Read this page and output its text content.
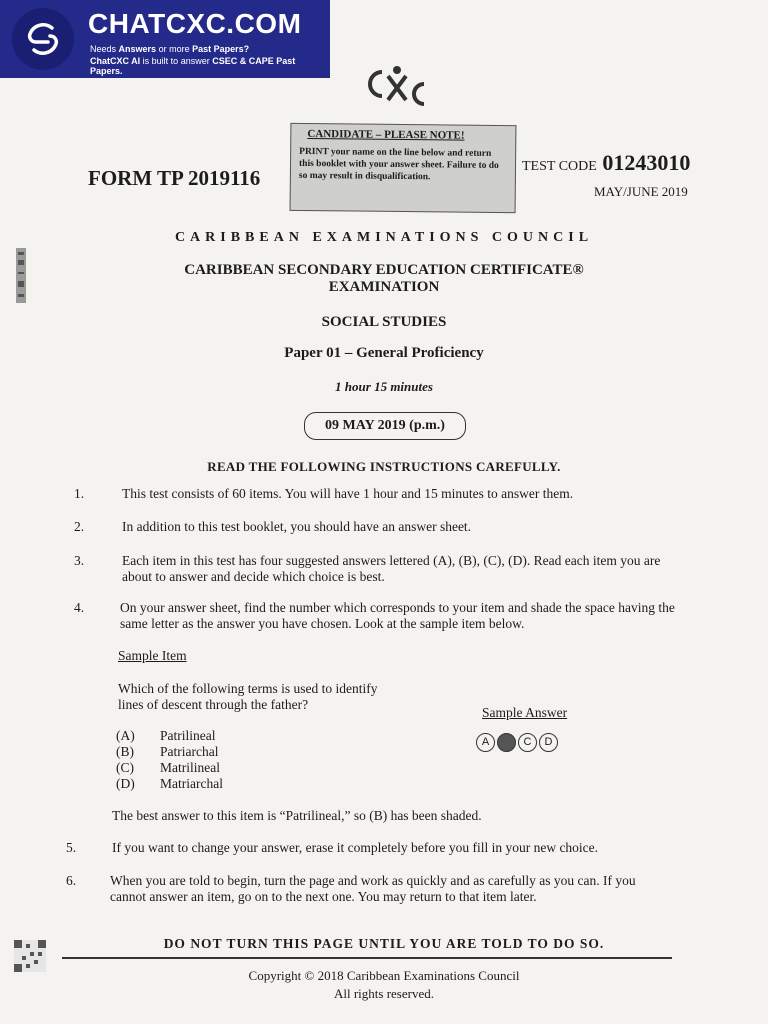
CHATCXC.COM
Needs Answers or more Past Papers?
ChatCXC AI is built to answer CSEC & CAPE Past Papers.
CANDIDATE – PLEASE NOTE!
PRINT your name on the line below and return this booklet with your answer sheet. Failure to do so may result in disqualification.
FORM TP 2019116	TEST CODE 01243010
MAY/JUNE 2019
CARIBBEAN EXAMINATIONS COUNCIL
CARIBBEAN SECONDARY EDUCATION CERTIFICATE®
EXAMINATION
SOCIAL STUDIES
Paper 01 – General Proficiency
1 hour 15 minutes
09 MAY 2019 (p.m.)
READ THE FOLLOWING INSTRUCTIONS CAREFULLY.
1.	This test consists of 60 items. You will have 1 hour and 15 minutes to answer them.
2.	In addition to this test booklet, you should have an answer sheet.
3.	Each item in this test has four suggested answers lettered (A), (B), (C), (D). Read each item you are about to answer and decide which choice is best.
4.	On your answer sheet, find the number which corresponds to your item and shade the space having the same letter as the answer you have chosen. Look at the sample item below.
Sample Item
Which of the following terms is used to identify lines of descent through the father?
(A) Patrilineal
(B) Patriarchal
(C) Matrilineal
(D) Matriarchal
Sample Answer
A B C D
The best answer to this item is “Patrilineal,” so (B) has been shaded.
5.	If you want to change your answer, erase it completely before you fill in your new choice.
6.	When you are told to begin, turn the page and work as quickly and as carefully as you can. If you cannot answer an item, go on to the next one. You may return to that item later.
DO NOT TURN THIS PAGE UNTIL YOU ARE TOLD TO DO SO.
Copyright © 2018 Caribbean Examinations Council
All rights reserved.
